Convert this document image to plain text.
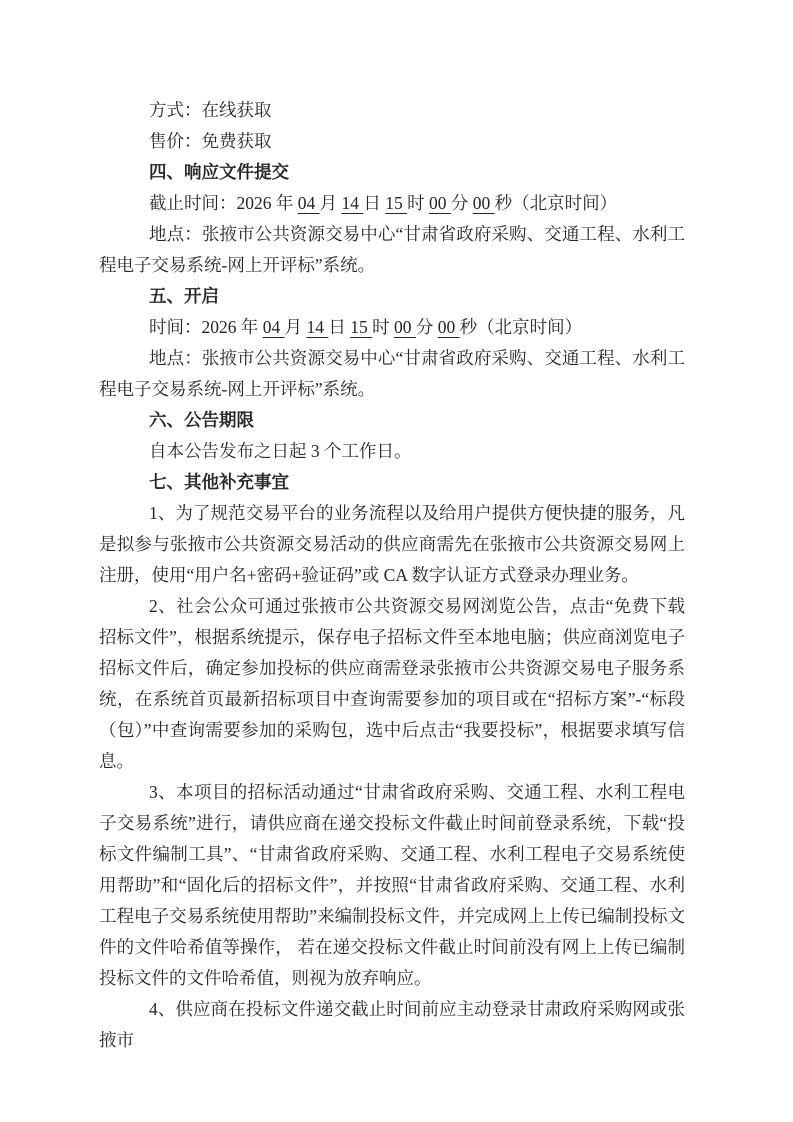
方式：在线获取

售价：免费获取

四、响应文件提交

截止时间：2026 年 04 月 14 日 15 时 00 分 00 秒（北京时间）

地点：张掖市公共资源交易中心“甘肃省政府采购、交通工程、水利工程电子交易系统-网上开评标”系统。

五、开启

时间：2026 年 04 月 14 日 15 时 00 分 00 秒（北京时间）

地点：张掖市公共资源交易中心“甘肃省政府采购、交通工程、水利工程电子交易系统-网上开评标”系统。

六、公告期限

自本公告发布之日起 3 个工作日。

七、其他补充事宜

1、为了规范交易平台的业务流程以及给用户提供方便快捷的服务，凡是拟参与张掖市公共资源交易活动的供应商需先在张掖市公共资源交易网上注册，使用“用户名+密码+验证码”或 CA 数字认证方式登录办理业务。

2、社会公众可通过张掖市公共资源交易网浏览公告，点击“免费下载招标文件”，根据系统提示，保存电子招标文件至本地电脑；供应商浏览电子招标文件后，确定参加投标的供应商需登录张掖市公共资源交易电子服务系统，在系统首页最新招标项目中查询需要参加的项目或在“招标方案”-“标段（包）”中查询需要参加的采购包，选中后点击“我要投标”，根据要求填写信息。

3、本项目的招标活动通过“甘肃省政府采购、交通工程、水利工程电子交易系统”进行，请供应商在递交投标文件截止时间前登录系统，下载“投标文件编制工具”、“甘肃省政府采购、交通工程、水利工程电子交易系统使用帮助”和“固化后的招标文件”，并按照“甘肃省政府采购、交通工程、水利工程电子交易系统使用帮助”来编制投标文件，并完成网上上传已编制投标文件的文件哈希值等操作， 若在递交投标文件截止时间前没有网上上传已编制投标文件的文件哈希值，则视为放弃响应。

4、供应商在投标文件递交截止时间前应主动登录甘肃政府采购网或张掖市
